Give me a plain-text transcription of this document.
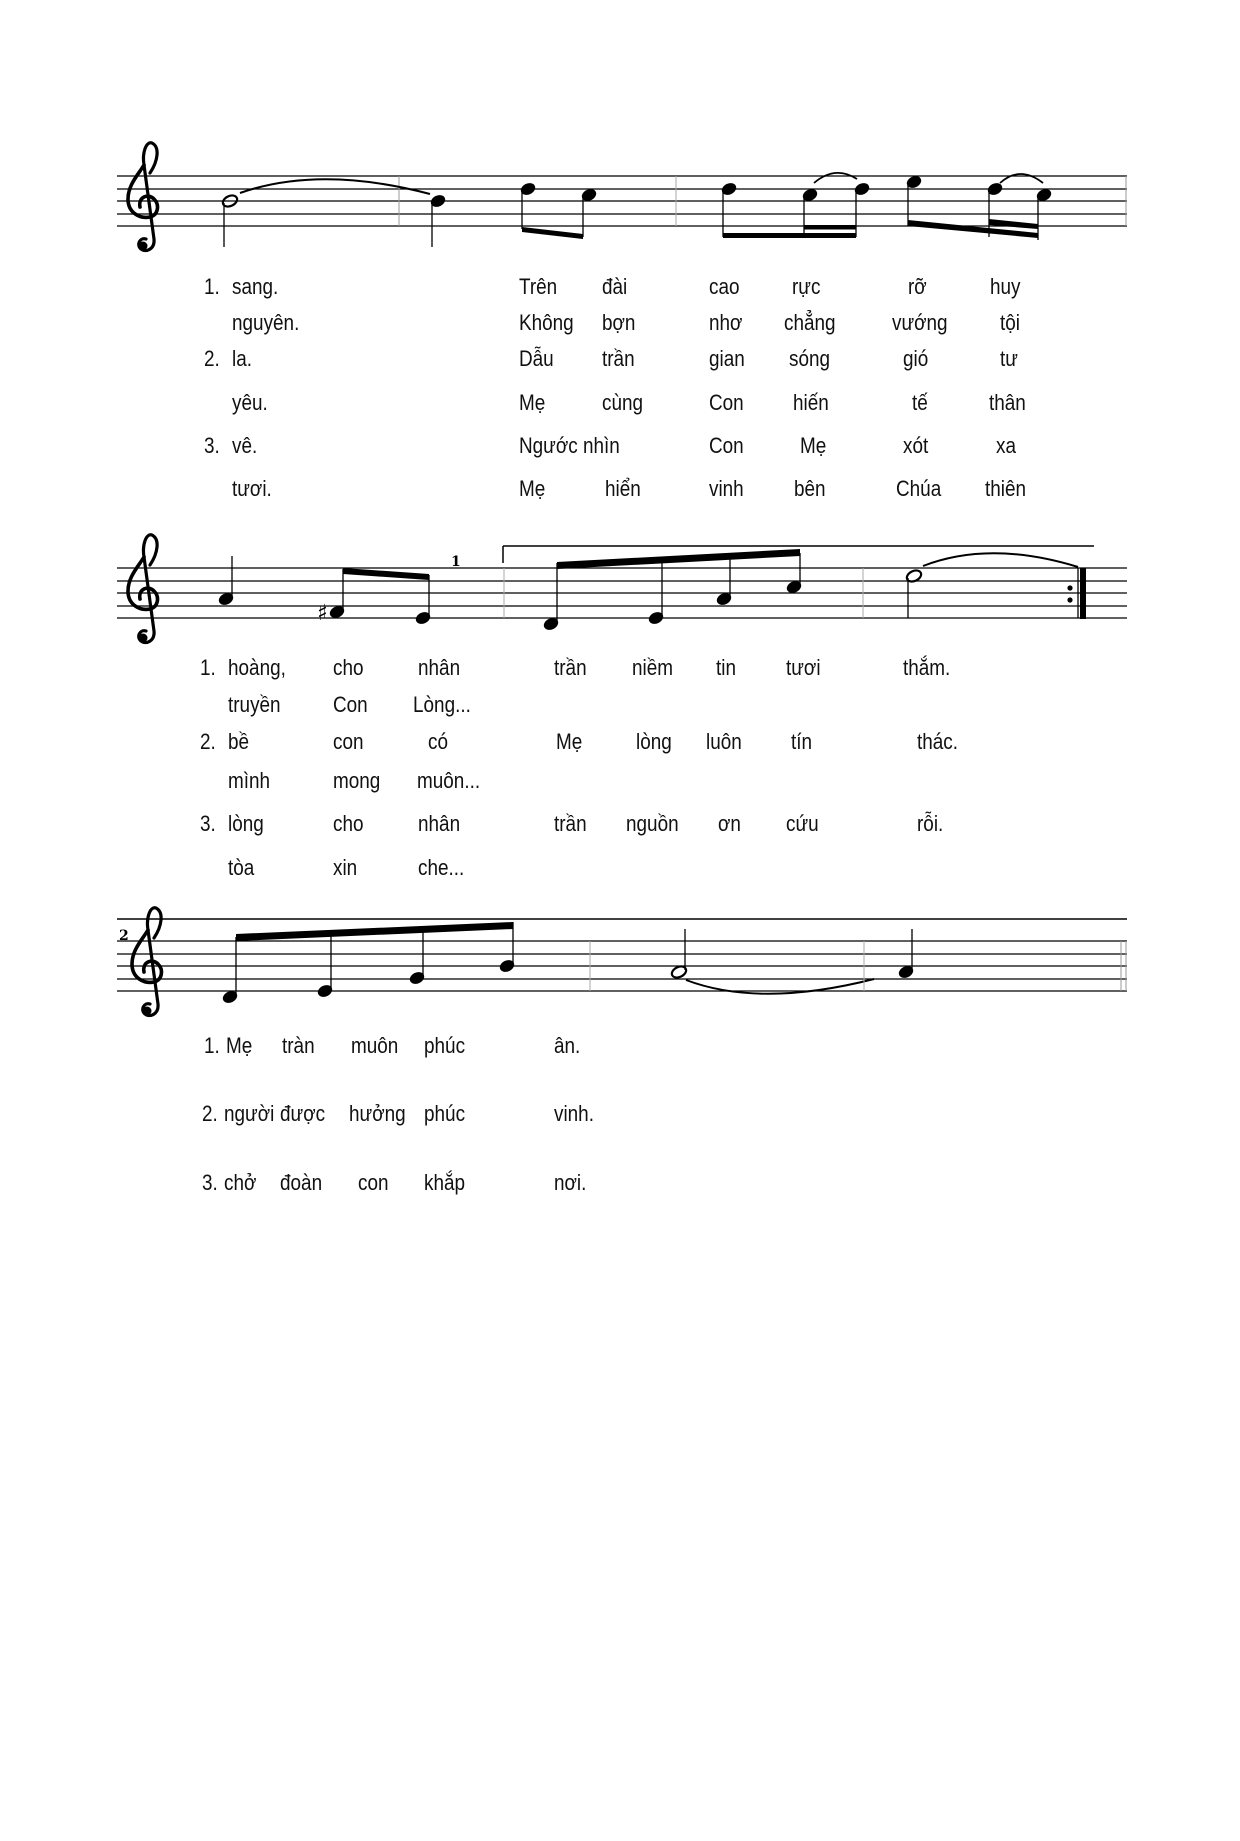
♯
1
2
1. sang.	Trên đài	cao rực	rỡ	huy
nguyên.	Không bợn	nhơ chẳng	vướng tội
2. la.	Dẫu trần	gian sóng	gió	tư
yêu.	Mẹ	cùng	Con hiến	tế	thân
3. vê.	Ngước nhìn	Con	Mẹ	xót	xa
tươi.	Mẹ	hiển	vinh bên	Chúa thiên
1. hoàng, cho nhân	trần niềm tin tươi	thắm.
truyền Con Lòng...
2. bề	con	có	Mẹ lòng luôn tín	thác.
mình	mong muôn...
3. lòng	cho nhân	trần nguồn ơn cứu	rỗi.
tòa	xin	che...
1. Mẹ tràn muôn phúc	ân.
2. người được hưởng phúc	vinh.
3. chở đoàn con khắp	nơi.
